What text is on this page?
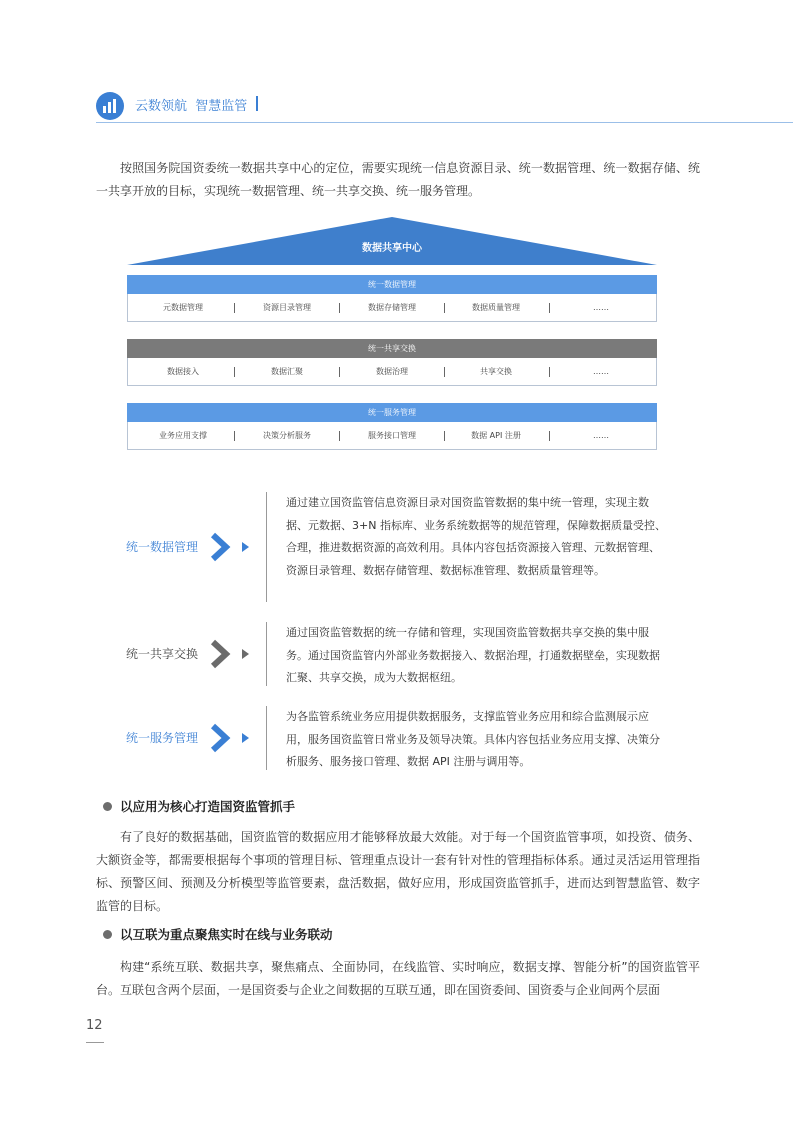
云数领航  智慧监管

按照国务院国资委统一数据共享中心的定位，需要实现统一信息资源目录、统一数据管理、统一数据存储、统一共享开放的目标，实现统一数据管理、统一共享交换、统一服务管理。

数据共享中心
统一数据管理
元数据管理	资源目录管理	数据存储管理	数据质量管理	……
统一共享交换
数据接入	数据汇聚	数据治理	共享交换	……
统一服务管理
业务应用支撑	决策分析服务	服务接口管理	数据 API 注册	……
统一数据管理

通过建立国资监管信息资源目录对国资监管数据的集中统一管理，实现主数据、元数据、3+N 指标库、业务系统数据等的规范管理，保障数据质量受控、合理，推进数据资源的高效利用。具体内容包括资源接入管理、元数据管理、资源目录管理、数据存储管理、数据标准管理、数据质量管理等。

统一共享交换

通过国资监管数据的统一存储和管理，实现国资监管数据共享交换的集中服务。通过国资监管内外部业务数据接入、数据治理，打通数据壁垒，实现数据汇聚、共享交换，成为大数据枢纽。

统一服务管理

为各监管系统业务应用提供数据服务，支撑监管业务应用和综合监测展示应用，服务国资监管日常业务及领导决策。具体内容包括业务应用支撑、决策分析服务、服务接口管理、数据 API 注册与调用等。

以应用为核心打造国资监管抓手

有了良好的数据基础，国资监管的数据应用才能够释放最大效能。对于每一个国资监管事项，如投资、债务、大额资金等，都需要根据每个事项的管理目标、管理重点设计一套有针对性的管理指标体系。通过灵活运用管理指标、预警区间、预测及分析模型等监管要素，盘活数据，做好应用，形成国资监管抓手，进而达到智慧监管、数字监管的目标。

以互联为重点聚焦实时在线与业务联动

构建“系统互联、数据共享，聚焦痛点、全面协同，在线监管、实时响应，数据支撑、智能分析”的国资监管平台。互联包含两个层面，一是国资委与企业之间数据的互联互通，即在国资委间、国资委与企业间两个层面

12
